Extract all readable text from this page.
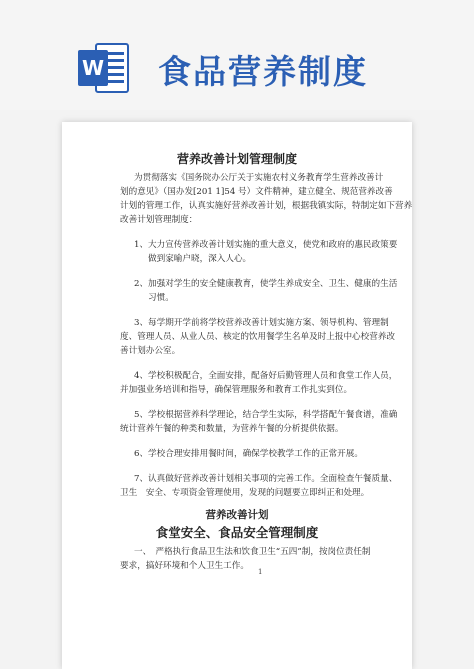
W 食品营养制度
营养改善计划管理制度
为贯彻落实《国务院办公厅关于实施农村义务教育学生营养改善计
划的意见》（国办发[201 1]54 号）文件精神，建立健全、规范营养改善
计划的管理工作，认真实施好营养改善计划，根据我镇实际，特制定如下营养
改善计划管理制度：
1、大力宣传营养改善计划实施的重大意义，使党和政府的惠民政策要
做到家喻户晓，深入人心。
2、加强对学生的安全健康教育，使学生养成安全、卫生、健康的生活
习惯。
3、每学期开学前将学校营养改善计划实施方案、领导机构、管理制
度、管理人员、从业人员、核定的饮用餐学生名单及时上报中心校营养改
善计划办公室。
4、学校积极配合，全面安排，配备好后勤管理人员和食堂工作人员，
并加强业务培训和指导，确保管理服务和教育工作扎实到位。
5、学校根据营养科学理论，结合学生实际，科学搭配午餐食谱，准确
统计营养午餐的种类和数量，为营养午餐的分析提供依据。
6、学校合理安排用餐时间，确保学校教学工作的正常开展。
7、认真做好营养改善计划相关事项的完善工作。全面检查午餐质量、
卫生　安全、专项资金管理使用，发现的问题要立即纠正和处理。
营养改善计划
食堂安全、食品安全管理制度
一、　严格执行食品卫生法和饮食卫生“五四”制，按岗位责任制
要求，搞好环境和个人卫生工作。
1
